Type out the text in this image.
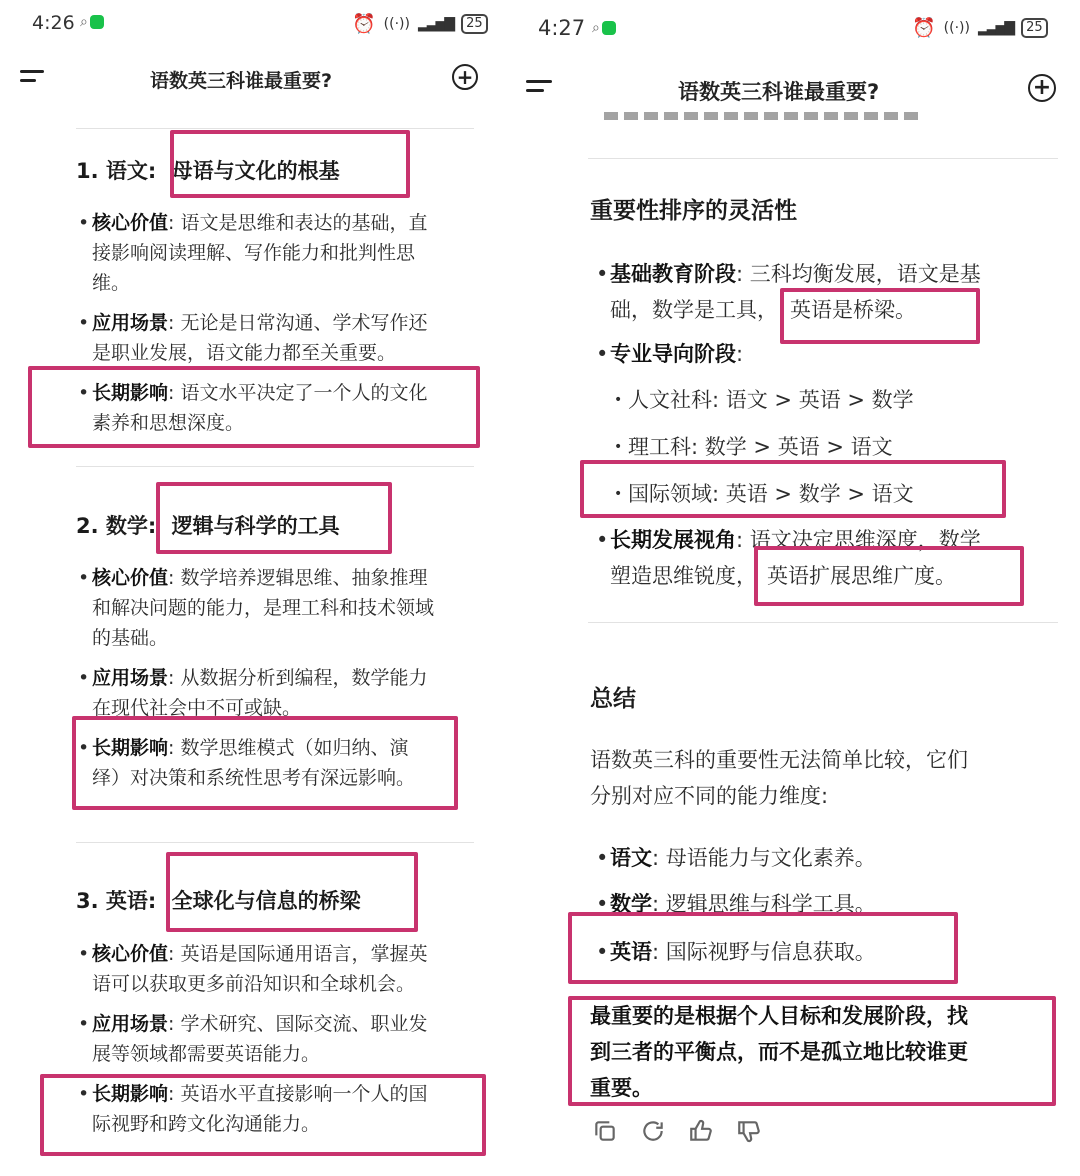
4:26 ⌕	⏰ ((·)) ▂▃▅▇	25
语数英三科谁最重要?	+
1. 语文: 母语与文化的根基
• 核心价值: 语文是思维和表达的基础，直
接影响阅读理解、写作能力和批判性思
维。
• 应用场景: 无论是日常沟通、学术写作还
是职业发展，语文能力都至关重要。
• 长期影响: 语文水平决定了一个人的文化
素养和思想深度。
2. 数学: 逻辑与科学的工具
• 核心价值: 数学培养逻辑思维、抽象推理
和解决问题的能力，是理工科和技术领域
的基础。
• 应用场景: 从数据分析到编程，数学能力
在现代社会中不可或缺。
• 长期影响: 数学思维模式（如归纳、演
绎）对决策和系统性思考有深远影响。
3. 英语: 全球化与信息的桥梁
• 核心价值: 英语是国际通用语言，掌握英
语可以获取更多前沿知识和全球机会。
• 应用场景: 学术研究、国际交流、职业发
展等领域都需要英语能力。
• 长期影响: 英语水平直接影响一个人的国
际视野和跨文化沟通能力。
4:27 ⌕	⏰ ((·)) ▂▃▅▇	25
语数英三科谁最重要?	+
重要性排序的灵活性
• 基础教育阶段: 三科均衡发展，语文是基
础，数学是工具， 英语是桥梁。
• 专业导向阶段:
• 人文社科: 语文 > 英语 > 数学
• 理工科: 数学 > 英语 > 语文
• 国际领域: 英语 > 数学 > 语文
• 长期发展视角: 语文决定思维深度，数学
塑造思维锐度， 英语扩展思维广度。
总结
语数英三科的重要性无法简单比较，它们
分别对应不同的能力维度:
• 语文: 母语能力与文化素养。
• 数学: 逻辑思维与科学工具。
• 英语: 国际视野与信息获取。
最重要的是根据个人目标和发展阶段，找
到三者的平衡点，而不是孤立地比较谁更
重要。
